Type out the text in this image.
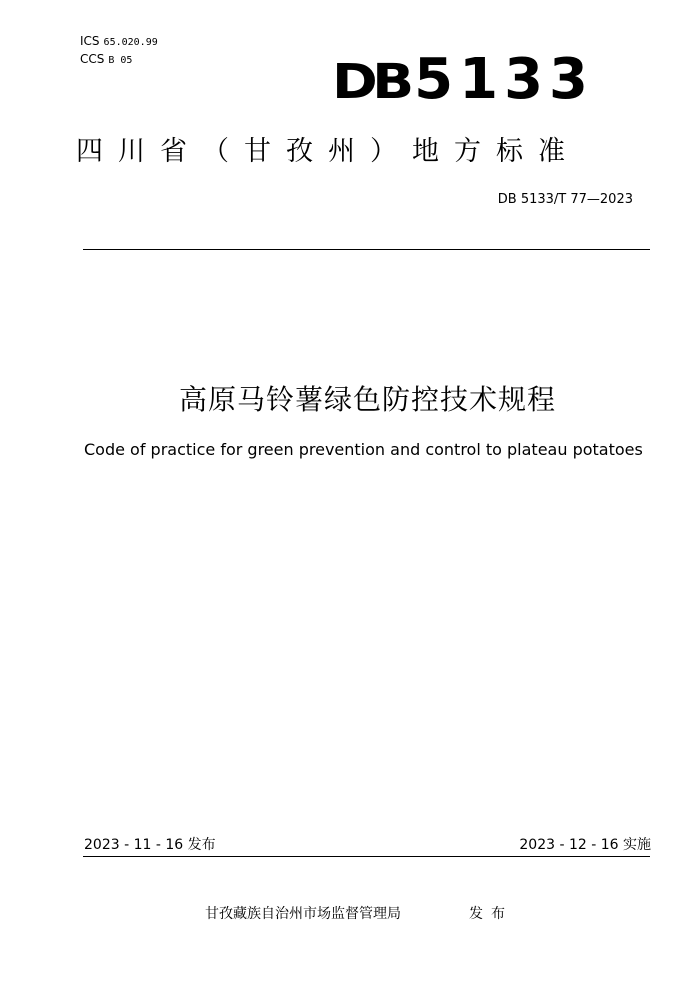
ICS 65.020.99
CCS B 05	DB 5133
四川省（甘孜州）地方标准
DB 5133/T 77—2023
高原马铃薯绿色防控技术规程
Code of practice for green prevention and control to plateau potatoes
2023 - 11 - 16 发布	2023 - 12 - 16 实施
甘孜藏族自治州市场监督管理局	发布
